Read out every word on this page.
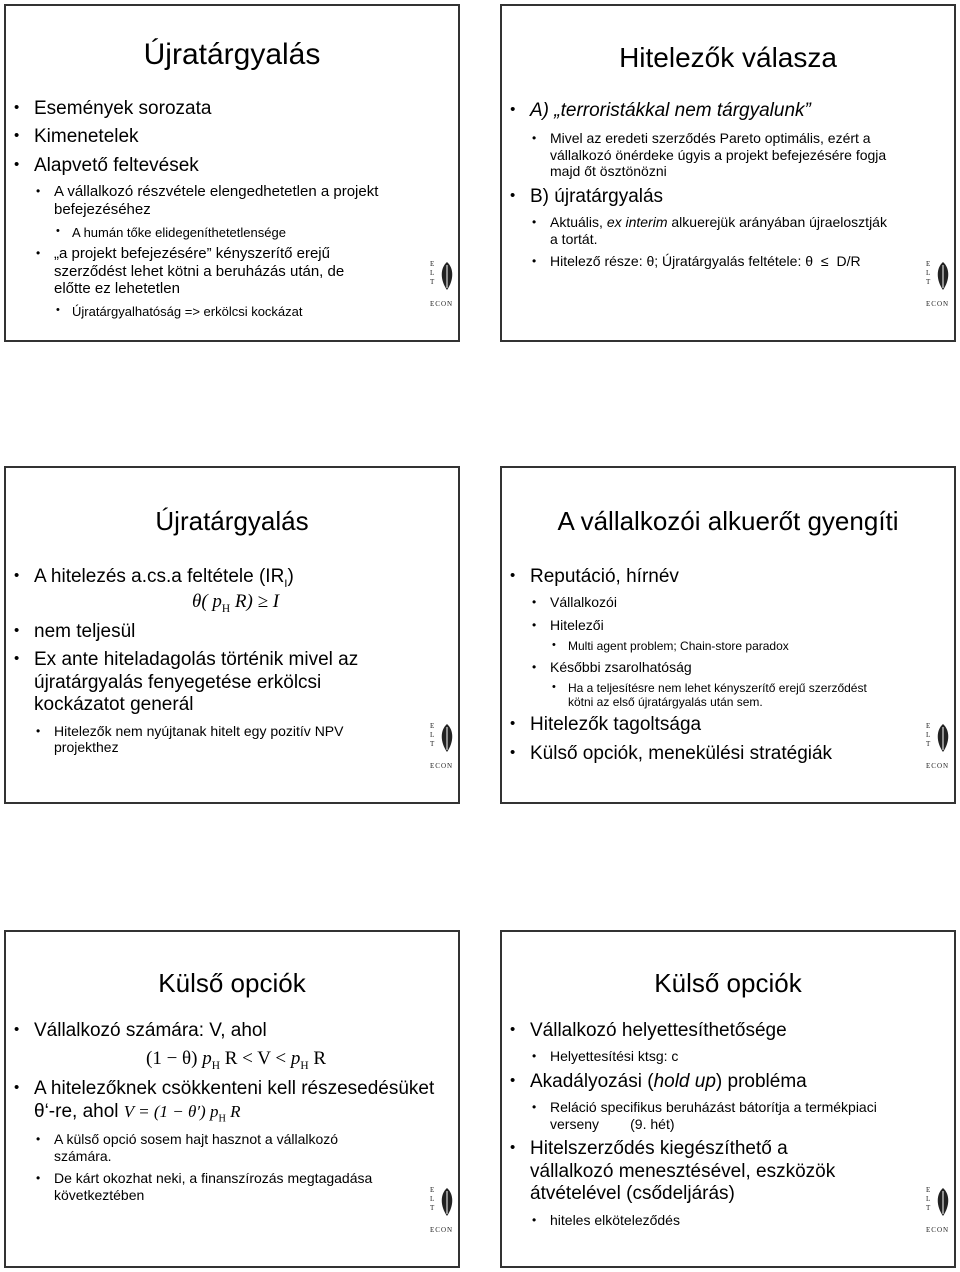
Újratárgyalás
• Események sorozata
• Kimenetelek
• Alapvető feltevések
• A vállalkozó részvétele elengedhetetlen a projekt befejezéséhez
• A humán tőke elidegeníthetetlensége
• „a projekt befejezésére” kényszerítő erejű szerződést lehet kötni a beruházás után, de előtte ez lehetetlen
• Újratárgyalhatóság => erkölcsi kockázat
E
L
T
ECON
Hitelezők válasza
• A) „terroristákkal nem tárgyalunk”
• Mivel az eredeti szerződés Pareto optimális, ezért a vállalkozó önérdeke úgyis a projekt befejezésére fogja majd őt ösztönözni
• B) újratárgyalás
• Aktuális, ex interim alkuerejük arányában újraelosztják a tortát.
• Hitelező része: θ; Újratárgyalás feltétele: θ ≤ D/R	E
L
T
ECON
Újratárgyalás
• A hitelezés a.cs.a feltétele $(IR_I)$
θ( $p_H$ R) ≥ I
• nem teljesül
• Ex ante hiteladagolás történik mivel az újratárgyalás fenyegetése erkölcsi kockázatot generál
• Hitelezők nem nyújtanak hitelt egy pozitív NPV projekthez
E
L
T
ECON
A vállalkozói alkuerőt gyengíti
• Reputáció, hírnév
• Vállalkozói
• Hitelezői
• Multi agent problem; Chain-store paradox
• Későbbi zsarolhatóság
• Ha a teljesítésre nem lehet kényszerítő erejű szerződést kötni az első újratárgyalás után sem.
• Hitelezők tagoltsága
• Külső opciók, menekülési stratégiák
E
L
T
ECON
Külső opciók
• Vállalkozó számára: V, ahol
(1 − θ) $p_H$ $R < V < p_H$ R
• A hitelezőknek csökkenteni kell részesedésüket θ‘-re, ahol V = (1 − θ′) $p_H$ R
• A külső opció sosem hajt hasznot a vállalkozó számára.
• De kárt okozhat neki, a finanszírozás megtagadása következtében	E
L
T
ECON
Külső opciók
• Vállalkozó helyettesíthetősége
• Helyettesítési ktsg: c
• Akadályozási (hold up) probléma
• Reláció specifikus beruházást bátorítja a termékpiaci verseny        (9. hét)
• Hitelszerződés kiegészíthető a vállalkozó menesztésével, eszközök átvételével (csődeljárás)
• hiteles elköteleződés
E
L
T
ECON
